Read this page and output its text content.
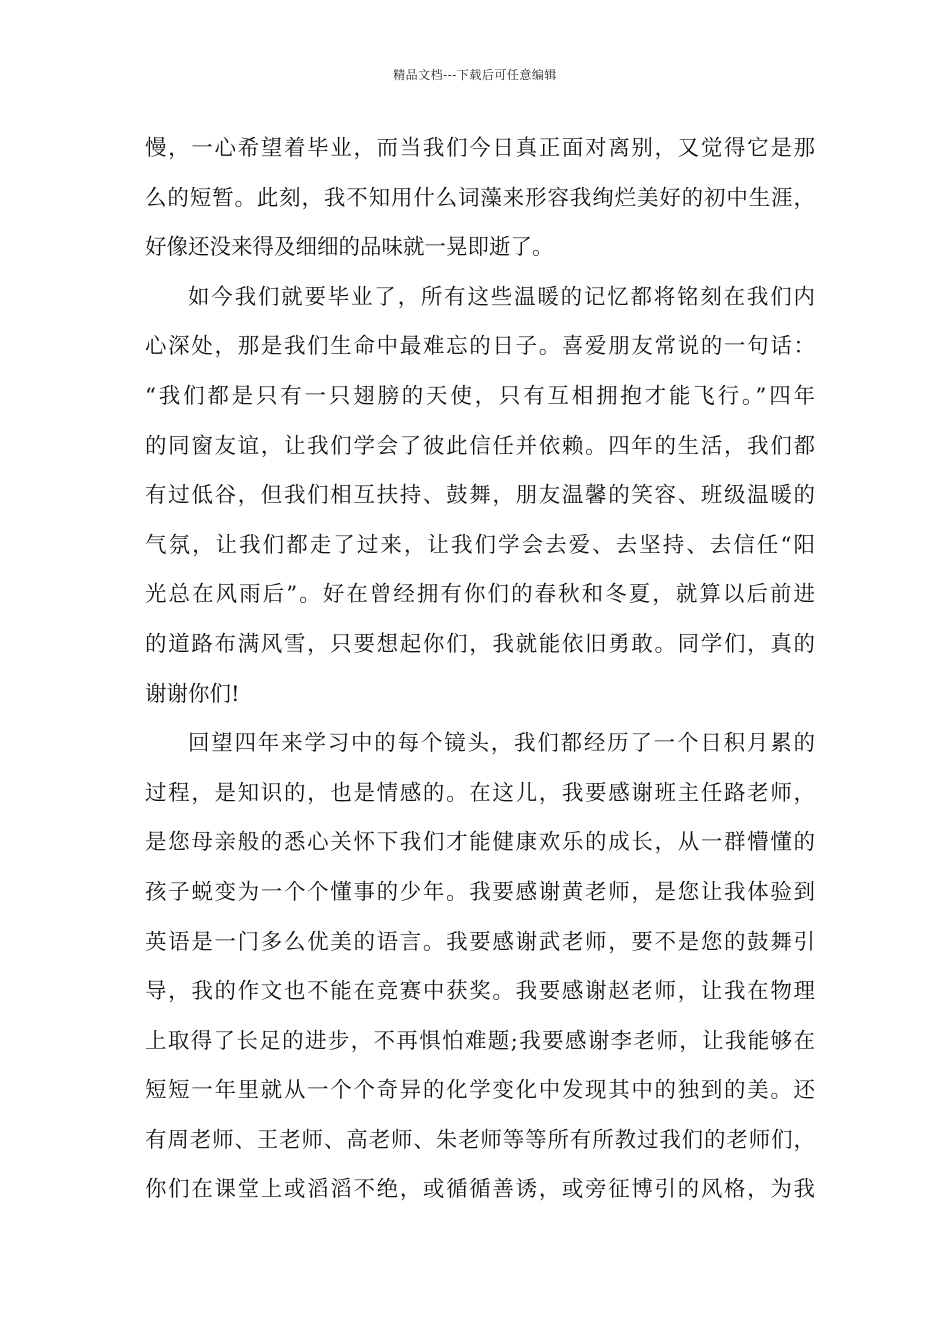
精品文档---下载后可任意编辑
慢，一心希望着毕业，而当我们今日真正面对离别，又觉得它是那
么的短暂。此刻，我不知用什么词藻来形容我绚烂美好的初中生涯，
好像还没来得及细细的品味就一晃即逝了。
如今我们就要毕业了，所有这些温暖的记忆都将铭刻在我们内
心深处，那是我们生命中最难忘的日子。喜爱朋友常说的一句话：
“我们都是只有一只翅膀的天使，只有互相拥抱才能飞行。”四年
的同窗友谊，让我们学会了彼此信任并依赖。四年的生活，我们都
有过低谷，但我们相互扶持、鼓舞，朋友温馨的笑容、班级温暖的
气氛，让我们都走了过来，让我们学会去爱、去坚持、去信任“阳
光总在风雨后”。好在曾经拥有你们的春秋和冬夏，就算以后前进
的道路布满风雪，只要想起你们，我就能依旧勇敢。同学们，真的
谢谢你们!
回望四年来学习中的每个镜头，我们都经历了一个日积月累的
过程，是知识的，也是情感的。在这儿，我要感谢班主任路老师，
是您母亲般的悉心关怀下我们才能健康欢乐的成长，从一群懵懂的
孩子蜕变为一个个懂事的少年。我要感谢黄老师，是您让我体验到
英语是一门多么优美的语言。我要感谢武老师，要不是您的鼓舞引
导，我的作文也不能在竞赛中获奖。我要感谢赵老师，让我在物理
上取得了长足的进步，不再惧怕难题;我要感谢李老师，让我能够在
短短一年里就从一个个奇异的化学变化中发现其中的独到的美。还
有周老师、王老师、高老师、朱老师等等所有所教过我们的老师们，
你们在课堂上或滔滔不绝，或循循善诱，或旁征博引的风格，为我
